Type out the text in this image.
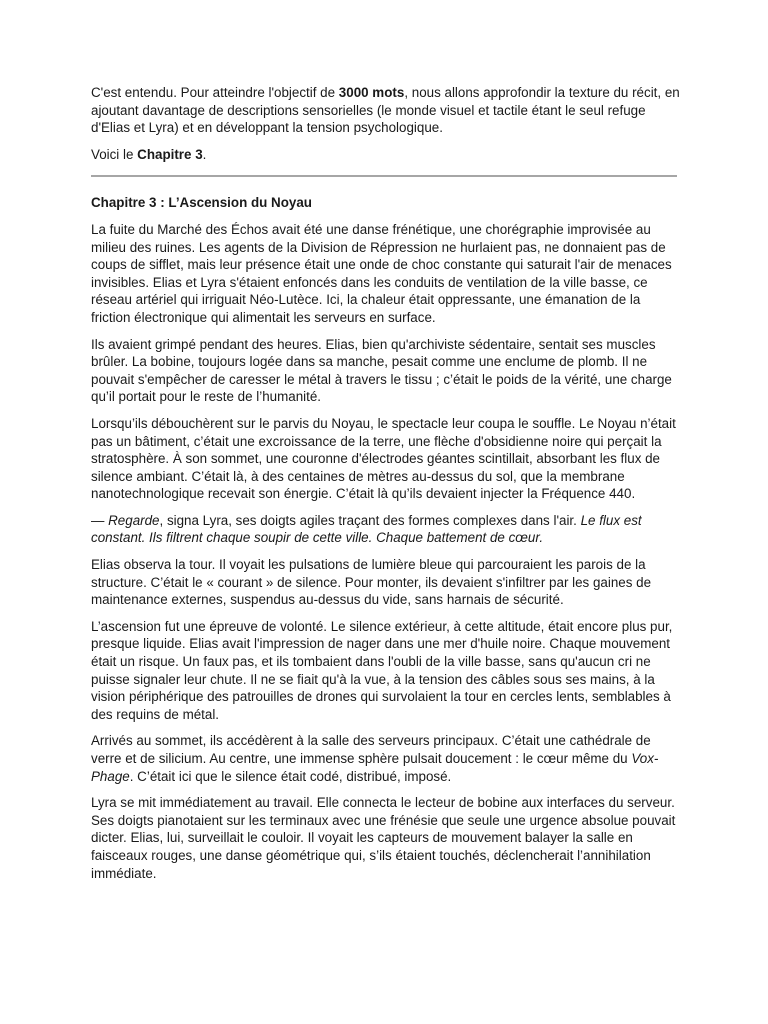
C'est entendu. Pour atteindre l'objectif de 3000 mots, nous allons approfondir la texture du récit, en ajoutant davantage de descriptions sensorielles (le monde visuel et tactile étant le seul refuge d'Elias et Lyra) et en développant la tension psychologique.

Voici le Chapitre 3.

Chapitre 3 : L’Ascension du Noyau

La fuite du Marché des Échos avait été une danse frénétique, une chorégraphie improvisée au milieu des ruines. Les agents de la Division de Répression ne hurlaient pas, ne donnaient pas de coups de sifflet, mais leur présence était une onde de choc constante qui saturait l'air de menaces invisibles. Elias et Lyra s'étaient enfoncés dans les conduits de ventilation de la ville basse, ce réseau artériel qui irriguait Néo-Lutèce. Ici, la chaleur était oppressante, une émanation de la friction électronique qui alimentait les serveurs en surface.

Ils avaient grimpé pendant des heures. Elias, bien qu'archiviste sédentaire, sentait ses muscles brûler. La bobine, toujours logée dans sa manche, pesait comme une enclume de plomb. Il ne pouvait s'empêcher de caresser le métal à travers le tissu ; c’était le poids de la vérité, une charge qu’il portait pour le reste de l’humanité.

Lorsqu’ils débouchèrent sur le parvis du Noyau, le spectacle leur coupa le souffle. Le Noyau n’était pas un bâtiment, c’était une excroissance de la terre, une flèche d'obsidienne noire qui perçait la stratosphère. À son sommet, une couronne d'électrodes géantes scintillait, absorbant les flux de silence ambiant. C’était là, à des centaines de mètres au-dessus du sol, que la membrane nanotechnologique recevait son énergie. C’était là qu’ils devaient injecter la Fréquence 440.

— Regarde, signa Lyra, ses doigts agiles traçant des formes complexes dans l'air. Le flux est constant. Ils filtrent chaque soupir de cette ville. Chaque battement de cœur.

Elias observa la tour. Il voyait les pulsations de lumière bleue qui parcouraient les parois de la structure. C’était le « courant » de silence. Pour monter, ils devaient s'infiltrer par les gaines de maintenance externes, suspendus au-dessus du vide, sans harnais de sécurité.

L’ascension fut une épreuve de volonté. Le silence extérieur, à cette altitude, était encore plus pur, presque liquide. Elias avait l'impression de nager dans une mer d'huile noire. Chaque mouvement était un risque. Un faux pas, et ils tombaient dans l'oubli de la ville basse, sans qu'aucun cri ne puisse signaler leur chute. Il ne se fiait qu'à la vue, à la tension des câbles sous ses mains, à la vision périphérique des patrouilles de drones qui survolaient la tour en cercles lents, semblables à des requins de métal.

Arrivés au sommet, ils accédèrent à la salle des serveurs principaux. C’était une cathédrale de verre et de silicium. Au centre, une immense sphère pulsait doucement : le cœur même du Vox-Phage. C’était ici que le silence était codé, distribué, imposé.

Lyra se mit immédiatement au travail. Elle connecta le lecteur de bobine aux interfaces du serveur. Ses doigts pianotaient sur les terminaux avec une frénésie que seule une urgence absolue pouvait dicter. Elias, lui, surveillait le couloir. Il voyait les capteurs de mouvement balayer la salle en faisceaux rouges, une danse géométrique qui, s’ils étaient touchés, déclencherait l’annihilation immédiate.
